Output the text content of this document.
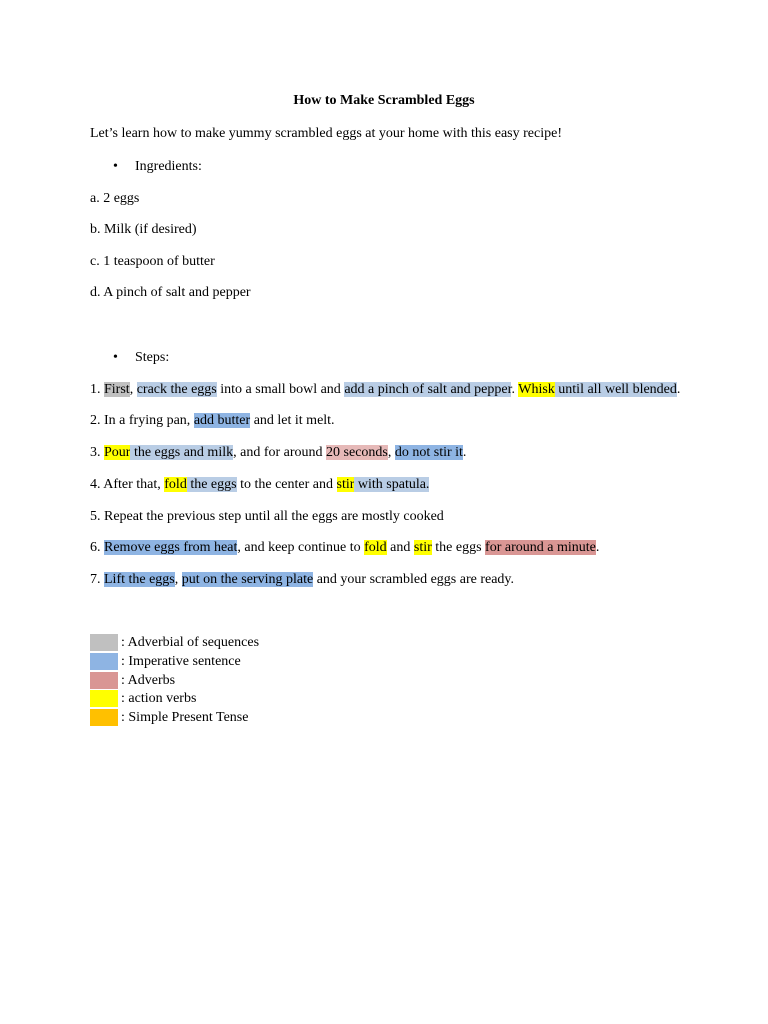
How to Make Scrambled Eggs
Let’s learn how to make yummy scrambled eggs at your home with this easy recipe!
• Ingredients:
a. 2 eggs
b. Milk (if desired)
c. 1 teaspoon of butter
d. A pinch of salt and pepper
• Steps:
1. First, crack the eggs into a small bowl and add a pinch of salt and pepper. Whisk until all well blended.
2. In a frying pan, add butter and let it melt.
3. Pour the eggs and milk, and for around 20 seconds, do not stir it.
4. After that, fold the eggs to the center and stir with spatula.
5. Repeat the previous step until all the eggs are mostly cooked
6. Remove eggs from heat, and keep continue to fold and stir the eggs for around a minute.
7. Lift the eggs, put on the serving plate and your scrambled eggs are ready.
: Adverbial of sequences
: Imperative sentence
: Adverbs
: action verbs
: Simple Present Tense
